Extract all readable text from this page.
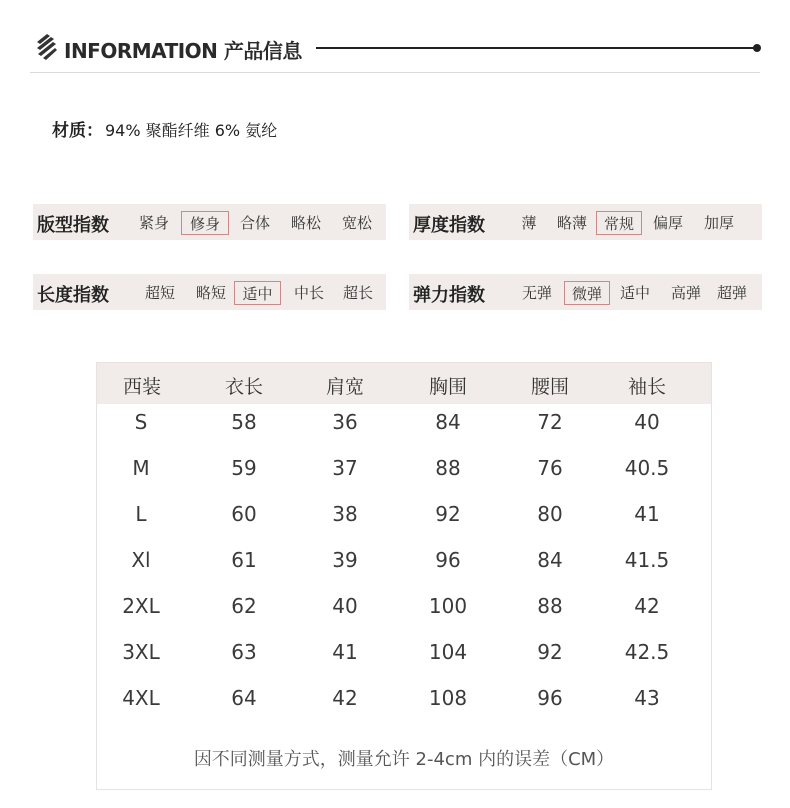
INFORMATION 产品信息
材质： 94% 聚酯纤维 6% 氨纶
版型指数	紧身	修身	合体	略松	宽松	厚度指数	薄	略薄	常规	偏厚	加厚
长度指数	超短	略短	适中	中长	超长	弹力指数	无弹	微弹	适中	高弹	超弹
西装	衣长	肩宽	胸围	腰围	袖长
S	58	36	84	72	40
M	59	37	88	76	40.5
L	60	38	92	80	41
Xl	61	39	96	84	41.5
2XL	62	40	100	88	42
3XL	63	41	104	92	42.5
4XL	64	42	108	96	43
因不同测量方式，测量允许 2-4cm 内的误差（CM）
